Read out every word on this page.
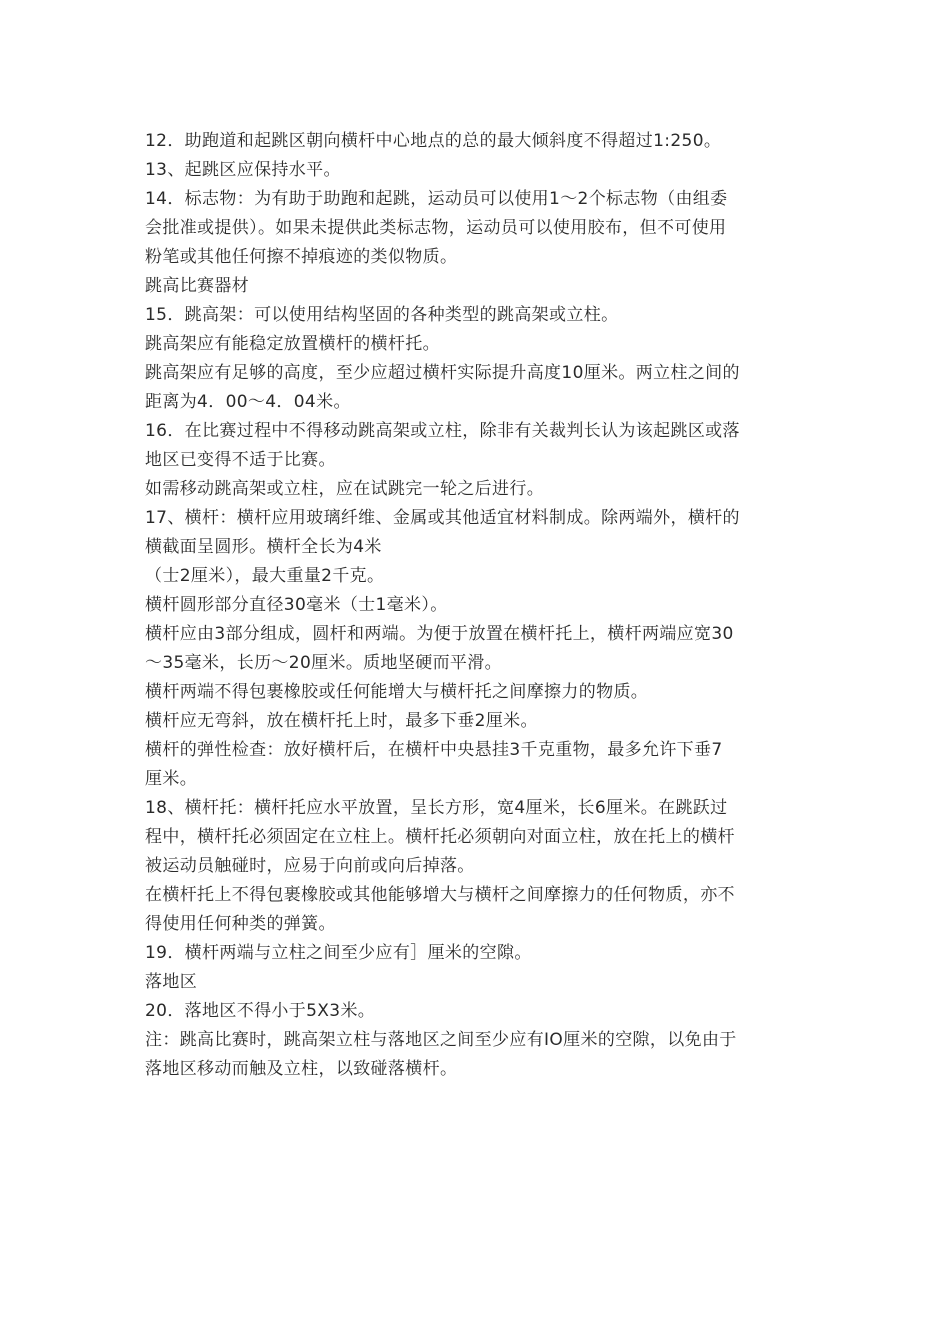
12．助跑道和起跳区朝向横杆中心地点的总的最大倾斜度不得超过1:250。
13、起跳区应保持水平。
14．标志物：为有助于助跑和起跳，运动员可以使用1～2个标志物（由组委
会批准或提供）。如果未提供此类标志物，运动员可以使用胶布，但不可使用
粉笔或其他任何擦不掉痕迹的类似物质。
跳高比赛器材
15．跳高架：可以使用结构坚固的各种类型的跳高架或立柱。
跳高架应有能稳定放置横杆的横杆托。
跳高架应有足够的高度，至少应超过横杆实际提升高度10厘米。两立柱之间的
距离为4．00～4．04米。
16．在比赛过程中不得移动跳高架或立柱，除非有关裁判长认为该起跳区或落
地区已变得不适于比赛。
如需移动跳高架或立柱，应在试跳完一轮之后进行。
17、横杆：横杆应用玻璃纤维、金属或其他适宜材料制成。除两端外，横杆的
横截面呈圆形。横杆全长为4米
（士2厘米），最大重量2千克。
横杆圆形部分直径30毫米（士1毫米）。
横杆应由3部分组成，圆杆和两端。为便于放置在横杆托上，横杆两端应宽30
～35毫米，长历～20厘米。质地坚硬而平滑。
横杆两端不得包裹橡胶或任何能增大与横杆托之间摩擦力的物质。
横杆应无弯斜，放在横杆托上时，最多下垂2厘米。
横杆的弹性检查：放好横杆后，在横杆中央悬挂3千克重物，最多允许下垂7
厘米。
18、横杆托：横杆托应水平放置，呈长方形，宽4厘米，长6厘米。在跳跃过
程中，横杆托必须固定在立柱上。横杆托必须朝向对面立柱，放在托上的横杆
被运动员触碰时，应易于向前或向后掉落。
在横杆托上不得包裹橡胶或其他能够增大与横杆之间摩擦力的任何物质，亦不
得使用任何种类的弹簧。
19．横杆两端与立柱之间至少应有］厘米的空隙。
落地区
20．落地区不得小于5X3米。
注：跳高比赛时，跳高架立柱与落地区之间至少应有IO厘米的空隙，以免由于
落地区移动而触及立柱，以致碰落横杆。
